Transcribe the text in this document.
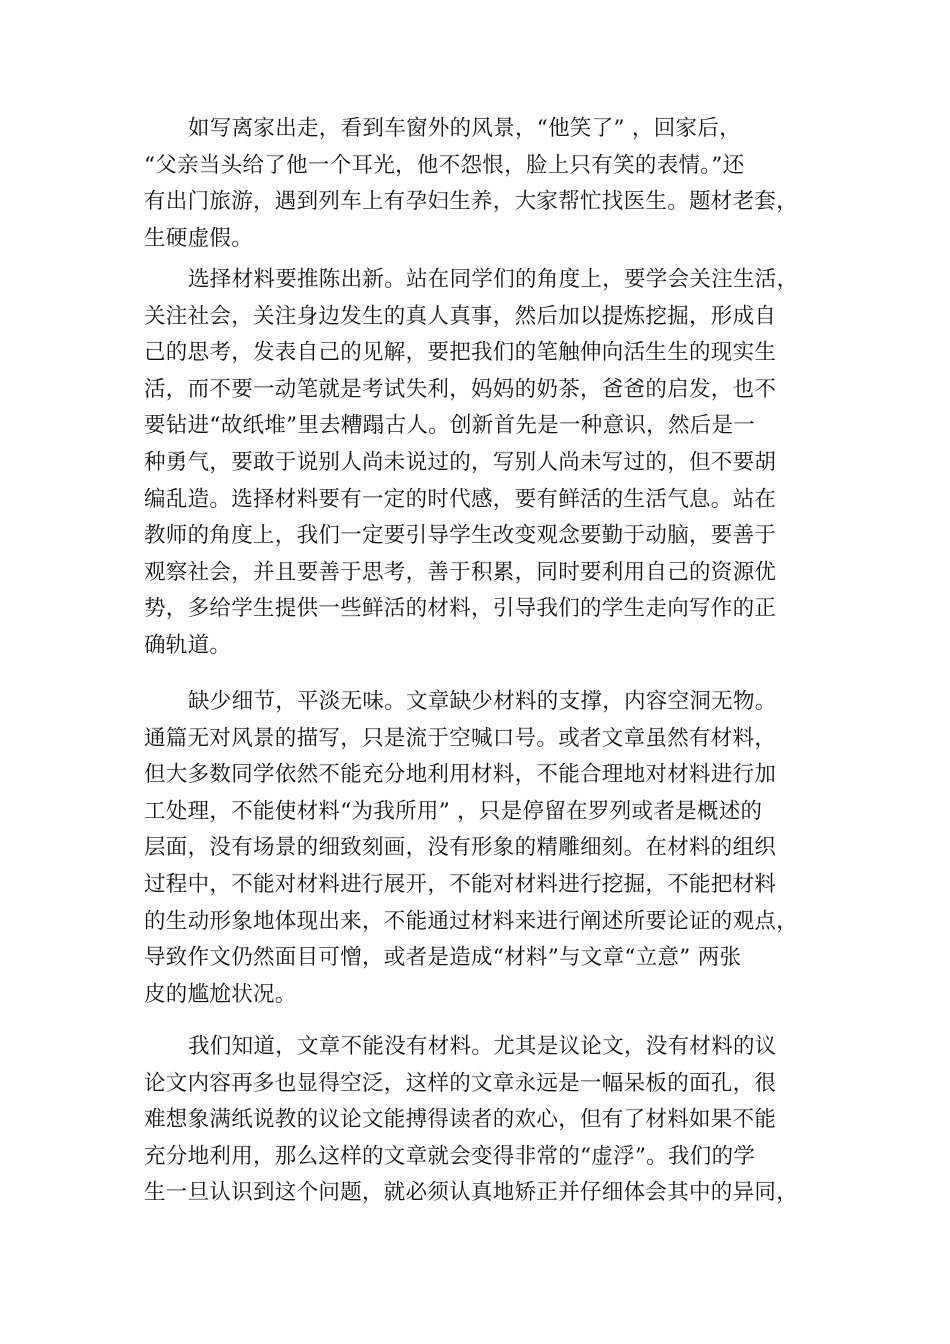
如写离家出走，看到车窗外的风景，“他笑了” ，回家后，
“父亲当头给了他一个耳光，他不怨恨，脸上只有笑的表情。”还
有出门旅游，遇到列车上有孕妇生养，大家帮忙找医生。题材老套，
生硬虚假。
选择材料要推陈出新。站在同学们的角度上，要学会关注生活，
关注社会，关注身边发生的真人真事，然后加以提炼挖掘，形成自
己的思考，发表自己的见解，要把我们的笔触伸向活生生的现实生
活，而不要一动笔就是考试失利，妈妈的奶茶，爸爸的启发，也不
要钻进“故纸堆”里去糟蹋古人。创新首先是一种意识，然后是一
种勇气，要敢于说别人尚未说过的，写别人尚未写过的，但不要胡
编乱造。选择材料要有一定的时代感，要有鲜活的生活气息。站在
教师的角度上，我们一定要引导学生改变观念要勤于动脑，要善于
观察社会，并且要善于思考，善于积累，同时要利用自己的资源优
势，多给学生提供一些鲜活的材料，引导我们的学生走向写作的正
确轨道。
缺少细节，平淡无味。文章缺少材料的支撑，内容空洞无物。
通篇无对风景的描写，只是流于空喊口号。或者文章虽然有材料，
但大多数同学依然不能充分地利用材料，不能合理地对材料进行加
工处理，不能使材料“为我所用” ，只是停留在罗列或者是概述的
层面，没有场景的细致刻画，没有形象的精雕细刻。在材料的组织
过程中，不能对材料进行展开，不能对材料进行挖掘，不能把材料
的生动形象地体现出来，不能通过材料来进行阐述所要论证的观点，
导致作文仍然面目可憎，或者是造成“材料”与文章“立意” 两张
皮的尴尬状况。
我们知道，文章不能没有材料。尤其是议论文，没有材料的议
论文内容再多也显得空泛，这样的文章永远是一幅呆板的面孔，很
难想象满纸说教的议论文能搏得读者的欢心，但有了材料如果不能
充分地利用，那么这样的文章就会变得非常的“虚浮”。我们的学
生一旦认识到这个问题，就必须认真地矫正并仔细体会其中的异同，
